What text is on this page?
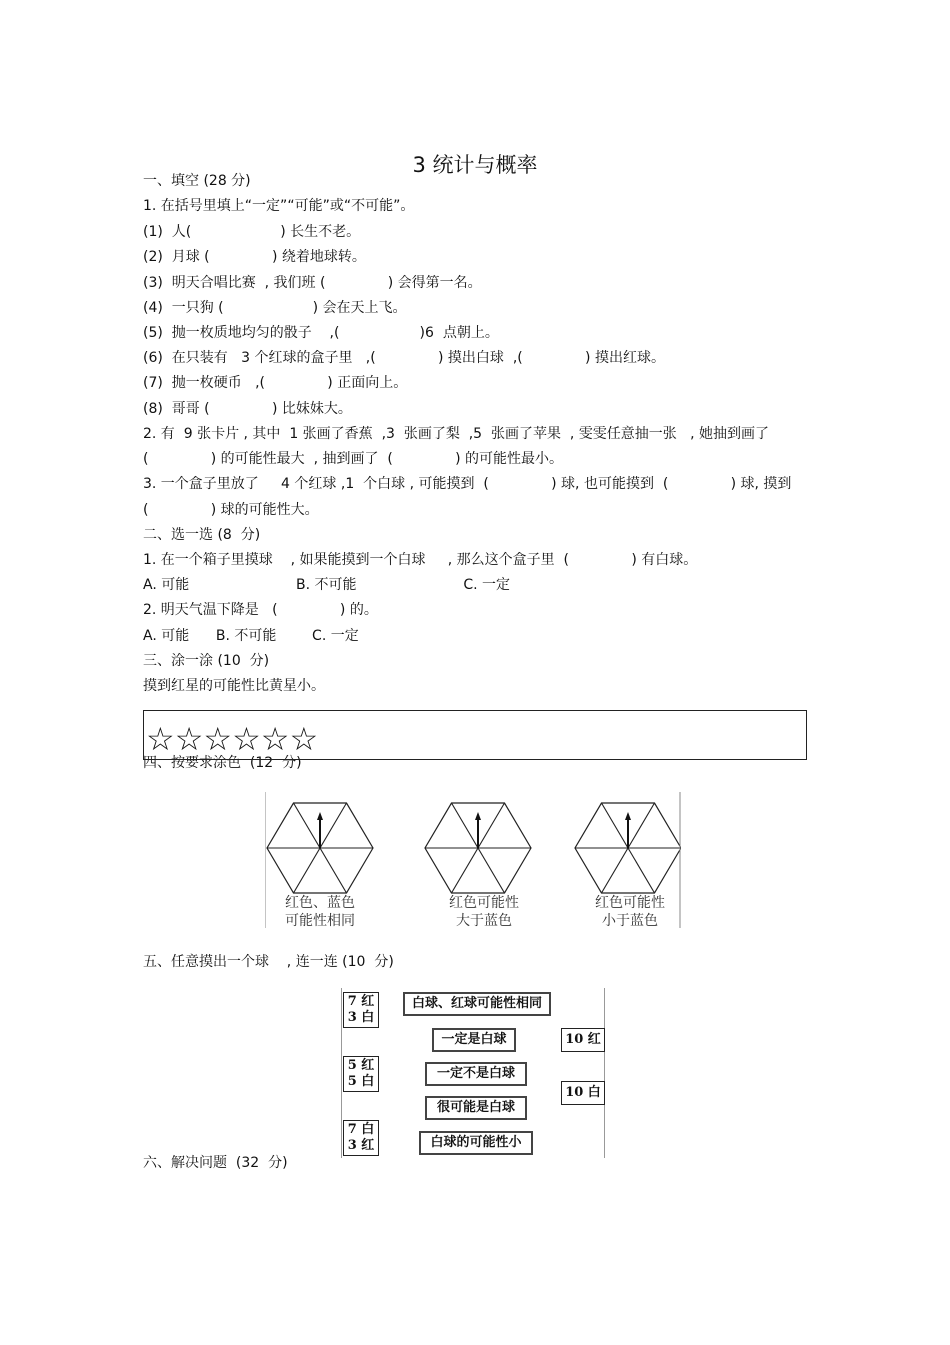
3 统计与概率
一、填空 (28 分)
1. 在括号里填上“一定”“可能”或“不可能”。
(1)  人(                    ) 长生不老。
(2)  月球 (              ) 绕着地球转。
(3)  明天合唱比赛  , 我们班 (              ) 会得第一名。
(4)  一只狗 (                    ) 会在天上飞。
(5)  抛一枚质地均匀的骰子    ,(                  )6  点朝上。
(6)  在只装有   3 个红球的盒子里   ,(              ) 摸出白球  ,(              ) 摸出红球。
(7)  抛一枚硬币   ,(              ) 正面向上。
(8)  哥哥 (              ) 比妹妹大。
2. 有  9 张卡片 , 其中  1 张画了香蕉  ,3  张画了梨  ,5  张画了苹果  , 雯雯任意抽一张   , 她抽到画了
(              ) 的可能性最大  , 抽到画了  (              ) 的可能性最小。
3. 一个盒子里放了     4 个红球 ,1  个白球 , 可能摸到  (              ) 球, 也可能摸到  (              ) 球, 摸到
(              ) 球的可能性大。
二、选一选 (8  分)
1. 在一个箱子里摸球    , 如果能摸到一个白球     , 那么这个盒子里  (              ) 有白球。
A. 可能                        B. 不可能                        C. 一定
2. 明天气温下降是   (              ) 的。
A. 可能      B. 不可能        C. 一定
三、涂一涂 (10  分)
摸到红星的可能性比黄星小。
四、按要求涂色  (12  分)
五、任意摸出一个球    , 连一连 (10  分)
六、解决问题  (32  分)
☆☆☆☆☆☆
红色、蓝色
可能性相同
红色可能性
大于蓝色
红色可能性
小于蓝色
7 红
3 白
5 红
5 白
7 白
3 红
白球、红球可能性相同
一定是白球
一定不是白球
很可能是白球
白球的可能性小
10 红
10 白
